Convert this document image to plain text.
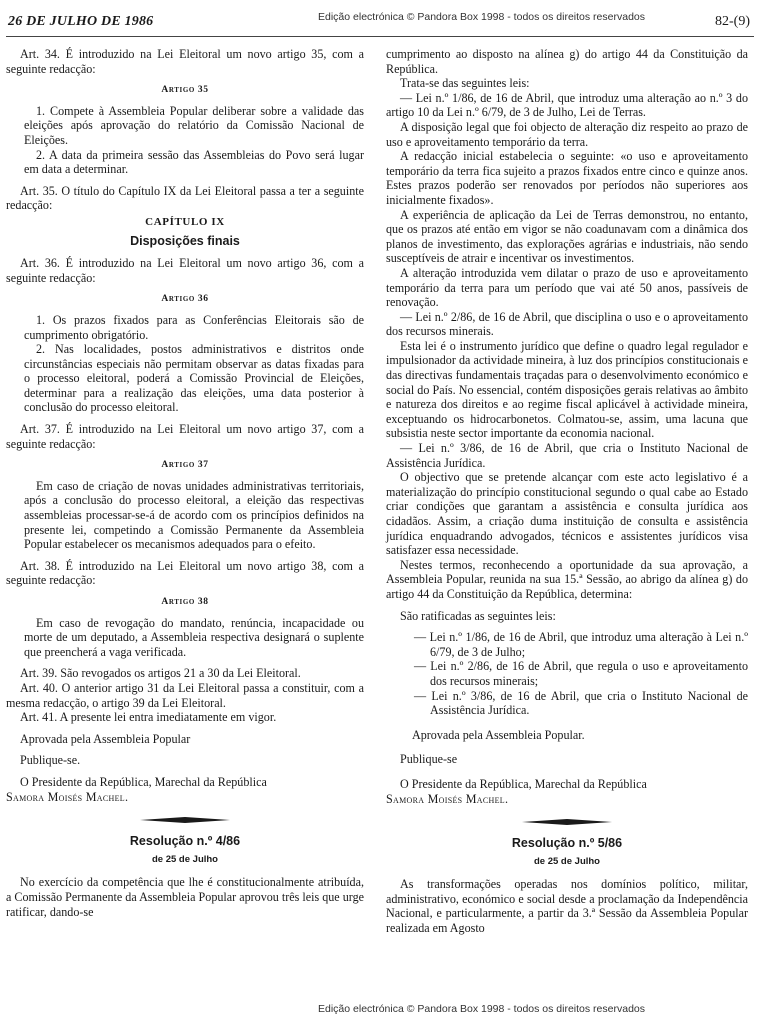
26 DE JULHO DE 1986	Edição electrónica © Pandora Box 1998 - todos os direitos reservados	82-(9)

Art. 34. É introduzido na Lei Eleitoral um novo artigo 35, com a seguinte redacção:

Artigo 35

1. Compete à Assembleia Popular deliberar sobre a validade das eleições após aprovação do relatório da Comissão Nacional de Eleições.

2. A data da primeira sessão das Assembleias do Povo será lugar em data a determinar.

Art. 35. O título do Capítulo IX da Lei Eleitoral passa a ter a seguinte redacção:

CAPÍTULO IX

Disposições finais

Art. 36. É introduzido na Lei Eleitoral um novo artigo 36, com a seguinte redacção:

Artigo 36

1. Os prazos fixados para as Conferências Eleitorais são de cumprimento obrigatório.

2. Nas localidades, postos administrativos e distritos onde circunstâncias especiais não permitam observar as datas fixadas para o processo eleitoral, poderá a Comissão Provincial de Eleições, determinar para a realização das eleições, uma data posterior à conclusão do processo eleitoral.

Art. 37. É introduzido na Lei Eleitoral um novo artigo 37, com a seguinte redacção:

Artigo 37

Em caso de criação de novas unidades administrativas territoriais, após a conclusão do processo eleitoral, a eleição das respectivas assembleias processar-se-á de acordo com os princípios definidos na presente lei, competindo a Comissão Permanente da Assembleia Popular estabelecer os mecanismos adequados para o efeito.

Art. 38. É introduzido na Lei Eleitoral um novo artigo 38, com a seguinte redacção:

Artigo 38

Em caso de revogação do mandato, renúncia, incapacidade ou morte de um deputado, a Assembleia respectiva designará o suplente que preencherá a vaga verificada.

Art. 39. São revogados os artigos 21 a 30 da Lei Eleitoral.

Art. 40. O anterior artigo 31 da Lei Eleitoral passa a constituir, com a mesma redacção, o artigo 39 da Lei Eleitoral.

Art. 41. A presente lei entra imediatamente em vigor.

Aprovada pela Assembleia Popular

Publique-se.

O Presidente da República, Marechal da República

Samora Moisés Machel.

Resolução n.º 4/86

de 25 de Julho

No exercício da competência que lhe é constitucionalmente atribuída, a Comissão Permanente da Assembleia Popular aprovou três leis que urge ratificar, dando-se

cumprimento ao disposto na alínea g) do artigo 44 da Constituição da República.

Trata-se das seguintes leis:

— Lei n.º 1/86, de 16 de Abril, que introduz uma alteração ao n.º 3 do artigo 10 da Lei n.º 6/79, de 3 de Julho, Lei de Terras.

A disposição legal que foi objecto de alteração diz respeito ao prazo de uso e aproveitamento temporário da terra.

A redacção inicial estabelecia o seguinte: «o uso e aproveitamento temporário da terra fica sujeito a prazos fixados entre cinco e quinze anos. Estes prazos poderão ser renovados por períodos não superiores aos inicialmente fixados».

A experiência de aplicação da Lei de Terras demonstrou, no entanto, que os prazos até então em vigor se não coadunavam com a dinâmica dos planos de investimento, das explorações agrárias e industriais, não sendo susceptíveis de atrair e incentivar os investimentos.

A alteração introduzida vem dilatar o prazo de uso e aproveitamento temporário da terra para um período que vai até 50 anos, passíveis de renovação.

— Lei n.º 2/86, de 16 de Abril, que disciplina o uso e o aproveitamento dos recursos minerais.

Esta lei é o instrumento jurídico que define o quadro legal regulador e impulsionador da actividade mineira, à luz dos princípios constitucionais e das directivas fundamentais traçadas para o desenvolvimento económico e social do País. No essencial, contém disposições gerais relativas ao âmbito e natureza dos direitos e ao regime fiscal aplicável à actividade mineira, exceptuando os hidrocarbonetos. Colmatou-se, assim, uma lacuna que subsistia neste sector importante da economia nacional.

— Lei n.º 3/86, de 16 de Abril, que cria o Instituto Nacional de Assistência Jurídica.

O objectivo que se pretende alcançar com este acto legislativo é a materialização do princípio constitucional segundo o qual cabe ao Estado criar condições que garantam a assistência e consulta jurídica aos cidadãos. Assim, a criação duma instituição de consulta e assistência jurídica enquadrando advogados, técnicos e assistentes jurídicos visa satisfazer essa necessidade.

Nestes termos, reconhecendo a oportunidade da sua aprovação, a Assembleia Popular, reunida na sua 15.ª Sessão, ao abrigo da alínea g) do artigo 44 da Constituição da República, determina:

São ratificadas as seguintes leis:

— Lei n.º 1/86, de 16 de Abril, que introduz uma alteração à Lei n.º 6/79, de 3 de Julho;

— Lei n.º 2/86, de 16 de Abril, que regula o uso e aproveitamento dos recursos minerais;

— Lei n.º 3/86, de 16 de Abril, que cria o Instituto Nacional de Assistência Jurídica.

Aprovada pela Assembleia Popular.

Publique-se

O Presidente da República, Marechal da República

Samora Moisés Machel.

Resolução n.º 5/86

de 25 de Julho

As transformações operadas nos domínios político, militar, administrativo, económico e social desde a proclamação da Independência Nacional, e particularmente, a partir da 3.ª Sessão da Assembleia Popular realizada em Agosto

Edição electrónica © Pandora Box 1998 - todos os direitos reservados
